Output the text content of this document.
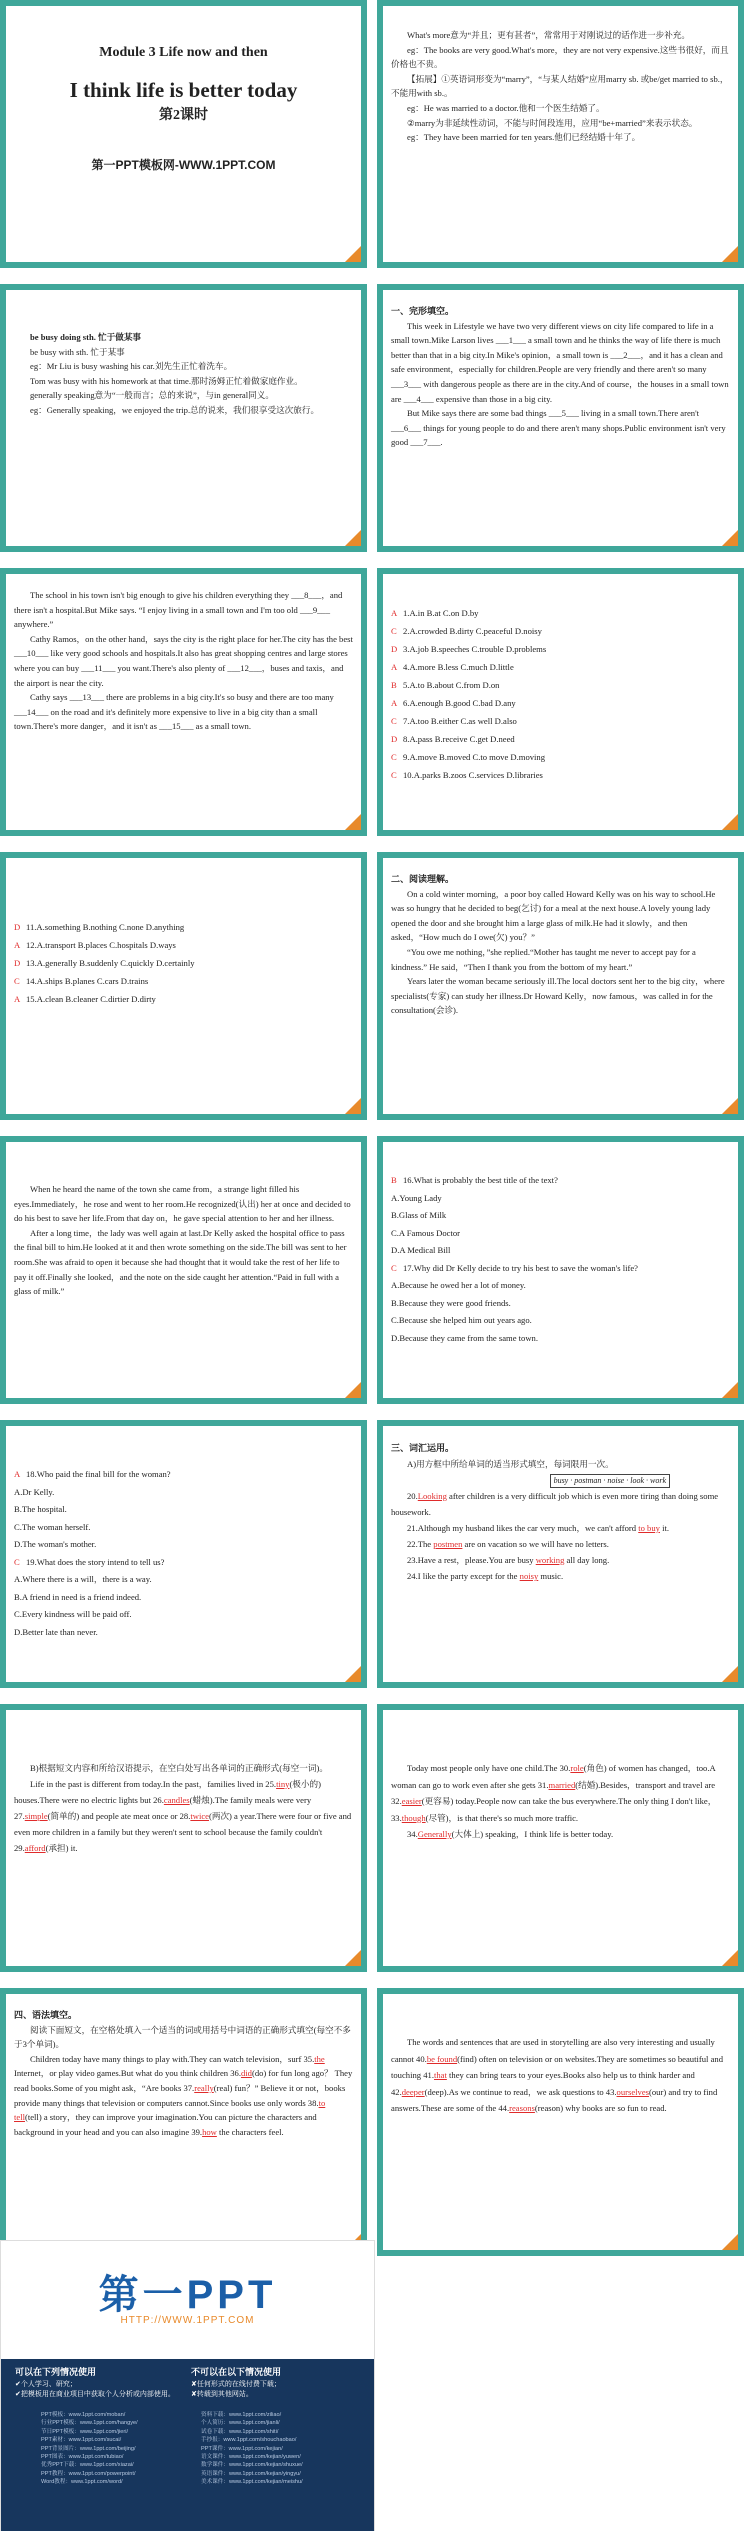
Module 3 Life now and then
I think life is better today
第2课时
第一PPT模板网-WWW.1PPT.COM

What's more意为“并且；更有甚者”，常常用于对刚说过的话作进一步补充。

eg：The books are very good.What's more，they are not very expensive.这些书很好，而且价格也不贵。

【拓展】①英语词形变为“marry”，“与某人结婚”应用marry sb. 或be/get married to sb.，不能用with sb.。

eg：He was married to a doctor.他和一个医生结婚了。

②marry为非延续性动词，不能与时间段连用，应用“be+married”来表示状态。

eg：They have been married for ten years.他们已经结婚十年了。

be busy doing sth. 忙于做某事

be busy with sth. 忙于某事

eg：Mr Liu is busy washing his car.刘先生正忙着洗车。

Tom was busy with his homework at that time.那时汤姆正忙着做家庭作业。

generally speaking意为“一般而言；总的来说”，与in general同义。

eg：Generally speaking，we enjoyed the trip.总的说来，我们很享受这次旅行。

一、完形填空。

This week in Lifestyle we have two very different views on city life compared to life in a small town.Mike Larson lives ___1___ a small town and he thinks the way of life there is much better than that in a big city.In Mike's opinion，a small town is ___2___，and it has a clean and safe environment，especially for children.People are very friendly and there aren't so many ___3___ with dangerous people as there are in the city.And of course，the houses in a small town are ___4___ expensive than those in a big city.

But Mike says there are some bad things ___5___ living in a small town.There aren't ___6___ things for young people to do and there aren't many shops.Public environment isn't very good ___7___.

The school in his town isn't big enough to give his children everything they ___8___，and there isn't a hospital.But Mike says. “I enjoy living in a small town and I'm too old ___9___ anywhere.”

Cathy Ramos，on the other hand，says the city is the right place for her.The city has the best ___10___ like very good schools and hospitals.It also has great shopping centres and large stores where you can buy ___11___ you want.There's also plenty of ___12___，buses and taxis，and the airport is near the city.

Cathy says ___13___ there are problems in a big city.It's so busy and there are too many ___14___ on the road and it's definitely more expensive to live in a big city than a small town.There's more danger，and it isn't as ___15___ as a small town.

A 1.A.in B.at C.on D.by
C 2.A.crowded B.dirty C.peaceful D.noisy
D 3.A.job B.speeches C.trouble D.problems
A 4.A.more B.less C.much D.little
B 5.A.to B.about C.from D.on
A 6.A.enough B.good C.bad D.any
C 7.A.too B.either C.as well D.also
D 8.A.pass B.receive C.get D.need
C 9.A.move B.moved C.to move D.moving
C 10.A.parks B.zoos C.services D.libraries
D 11.A.something B.nothing C.none D.anything
A 12.A.transport B.places C.hospitals D.ways
D 13.A.generally B.suddenly C.quickly D.certainly
C 14.A.ships B.planes C.cars D.trains
A 15.A.clean B.cleaner C.dirtier D.dirty

二、阅读理解。

On a cold winter morning，a poor boy called Howard Kelly was on his way to school.He was so hungry that he decided to beg(乞讨) for a meal at the next house.A lovely young lady opened the door and she brought him a large glass of milk.He had it slowly，and then asked，“How much do I owe(欠) you？”

“You owe me nothing，”she replied.“Mother has taught me never to accept pay for a kindness.” He said，“Then I thank you from the bottom of my heart.”

Years later the woman became seriously ill.The local doctors sent her to the big city，where specialists(专家) can study her illness.Dr Howard Kelly，now famous，was called in for the consultation(会诊).

When he heard the name of the town she came from，a strange light filled his eyes.Immediately，he rose and went to her room.He recognized(认出) her at once and decided to do his best to save her life.From that day on，he gave special attention to her and her illness.

After a long time，the lady was well again at last.Dr Kelly asked the hospital office to pass the final bill to him.He looked at it and then wrote something on the side.The bill was sent to her room.She was afraid to open it because she had thought that it would take the rest of her life to pay it off.Finally she looked，and the note on the side caught her attention.“Paid in full with a glass of milk.”

B 16.What is probably the best title of the text?

A.Young Lady

B.Glass of Milk

C.A Famous Doctor

D.A Medical Bill

C 17.Why did Dr Kelly decide to try his best to save the woman's life?

A.Because he owed her a lot of money.

B.Because they were good friends.

C.Because she helped him out years ago.

D.Because they came from the same town.

A 18.Who paid the final bill for the woman?

A.Dr Kelly.

B.The hospital.

C.The woman herself.

D.The woman's mother.

C 19.What does the story intend to tell us?

A.Where there is a will，there is a way.

B.A friend in need is a friend indeed.

C.Every kindness will be paid off.

D.Better late than never.

三、词汇运用。

A)用方框中所给单词的适当形式填空，每词限用一次。

busy · postman · noise · look · work

20.Looking after children is a very difficult job which is even more tiring than doing some housework.

21.Although my husband likes the car very much，we can't afford to buy it.

22.The postmen are on vacation so we will have no letters.

23.Have a rest，please.You are busy working all day long.

24.I like the party except for the noisy music.

B)根据短文内容和所给汉语提示，在空白处写出各单词的正确形式(每空一词)。

Life in the past is different from today.In the past，families lived in 25.tiny(极小的) houses.There were no electric lights but 26.candles(蜡烛).The family meals were very 27.simple(简单的) and people ate meat once or 28.twice(两次) a year.There were four or five and even more children in a family but they weren't sent to school because the family couldn't 29.afford(承担) it.

Today most people only have one child.The 30.role(角色) of women has changed，too.A woman can go to work even after she gets 31.married(结婚).Besides，transport and travel are 32.easier(更容易) today.People now can take the bus everywhere.The only thing I don't like，33.though(尽管)，is that there's so much more traffic.

34.Generally(大体上) speaking，I think life is better today.

四、语法填空。

阅读下面短文，在空格处填入一个适当的词或用括号中词语的正确形式填空(每空不多于3个单词)。

Children today have many things to play with.They can watch television，surf 35.the Internet，or play video games.But what do you think children 36.did(do) for fun long ago？ They read books.Some of you might ask，“Are books 37.really(real) fun？” Believe it or not，books provide many things that television or computers cannot.Since books use only words 38.to tell(tell) a story，they can improve your imagination.You can picture the characters and background in your head and you can also imagine 39.how the characters feel.

The words and sentences that are used in storytelling are also very interesting and usually cannot 40.be found(find) often on television or on websites.They are sometimes so beautiful and touching 41.that they can bring tears to your eyes.Books also help us to think harder and 42.deeper(deep).As we continue to read，we ask questions to 43.ourselves(our) and try to find answers.These are some of the 44.reasons(reason) why books are so fun to read.

第一PPT
HTTP://WWW.1PPT.COM
可以在下列情况使用
✔个人学习、研究；
✔把模板用在商业项目中获取个人分析或内部使用。
不可以在以下情况使用
✘任何形式的在线付费下载；
✘转载到其他网站。
PPT模板：www.1ppt.com/moban/
行业PPT模板：www.1ppt.com/hangye/
节日PPT模板：www.1ppt.com/jieri/
PPT素材：www.1ppt.com/sucai/
PPT背景图片：www.1ppt.com/beijing/
PPT图表：www.1ppt.com/tubiao/
优秀PPT下载：www.1ppt.com/xiazai/
PPT教程：www.1ppt.com/powerpoint/
Word教程：www.1ppt.com/word/
资料下载：www.1ppt.com/ziliao/
个人简历：www.1ppt.com/jianli/
试卷下载：www.1ppt.com/shiti/
手抄报：www.1ppt.com/shouchaobao/
PPT课件：www.1ppt.com/kejian/
语文课件：www.1ppt.com/kejian/yuwen/
数学课件：www.1ppt.com/kejian/shuxue/
英语课件：www.1ppt.com/kejian/yingyu/
美术课件：www.1ppt.com/kejian/meishu/
